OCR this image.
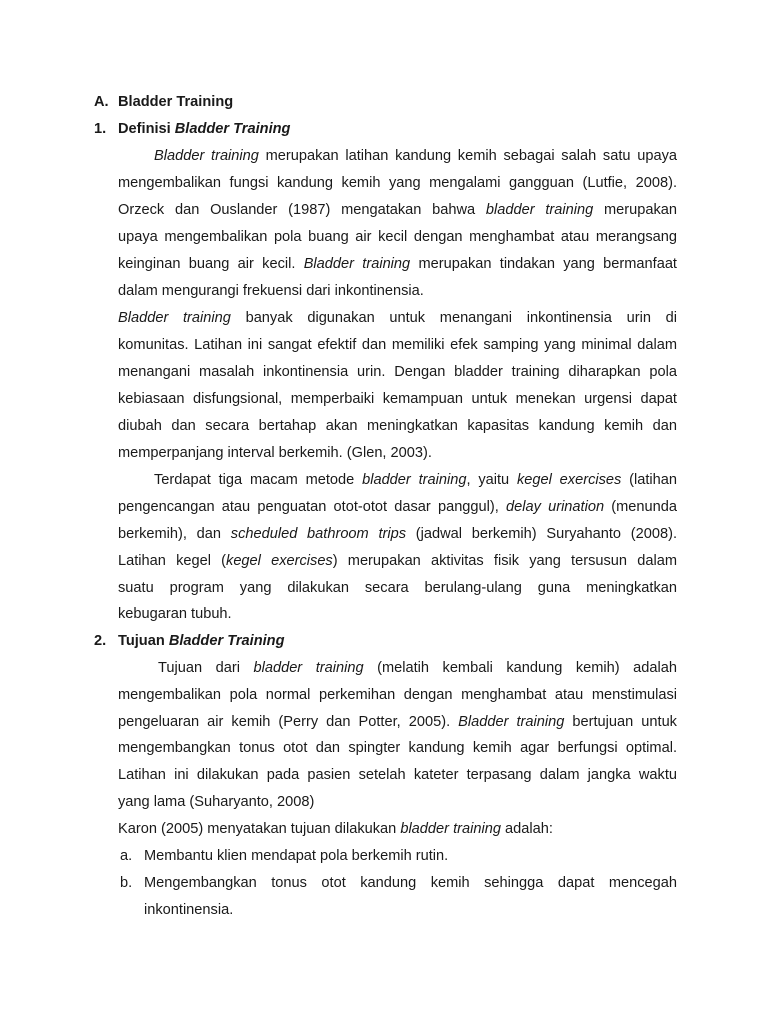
A. Bladder Training
1. Definisi Bladder Training
Bladder training merupakan latihan kandung kemih sebagai salah satu upaya
mengembalikan fungsi kandung kemih yang mengalami gangguan (Lutfie, 2008).
Orzeck dan Ouslander (1987) mengatakan bahwa bladder training merupakan
upaya mengembalikan pola buang air kecil dengan menghambat atau merangsang
keinginan buang air kecil. Bladder training merupakan tindakan yang bermanfaat
dalam mengurangi frekuensi dari inkontinensia.
Bladder training banyak digunakan untuk menangani inkontinensia urin di
komunitas. Latihan ini sangat efektif dan memiliki efek samping yang minimal dalam
menangani masalah inkontinensia urin. Dengan bladder training diharapkan pola
kebiasaan disfungsional, memperbaiki kemampuan untuk menekan urgensi dapat
diubah dan secara bertahap akan meningkatkan kapasitas kandung kemih dan
memperpanjang interval berkemih. (Glen, 2003).
Terdapat tiga macam metode bladder training, yaitu kegel exercises (latihan
pengencangan atau penguatan otot-otot dasar panggul), delay urination (menunda
berkemih), dan scheduled bathroom trips (jadwal berkemih) Suryahanto (2008).
Latihan kegel (kegel exercises) merupakan aktivitas fisik yang tersusun dalam
suatu program yang dilakukan secara berulang-ulang guna meningkatkan
kebugaran tubuh.
2. Tujuan Bladder Training
Tujuan dari bladder training (melatih kembali kandung kemih) adalah
mengembalikan pola normal perkemihan dengan menghambat atau menstimulasi
pengeluaran air kemih (Perry dan Potter, 2005). Bladder training bertujuan untuk
mengembangkan tonus otot dan spingter kandung kemih agar berfungsi optimal.
Latihan ini dilakukan pada pasien setelah kateter terpasang dalam jangka waktu
yang lama (Suharyanto, 2008)
Karon (2005) menyatakan tujuan dilakukan bladder training adalah:
a. Membantu klien mendapat pola berkemih rutin.
b. Mengembangkan tonus otot kandung kemih sehingga dapat mencegah
inkontinensia.
